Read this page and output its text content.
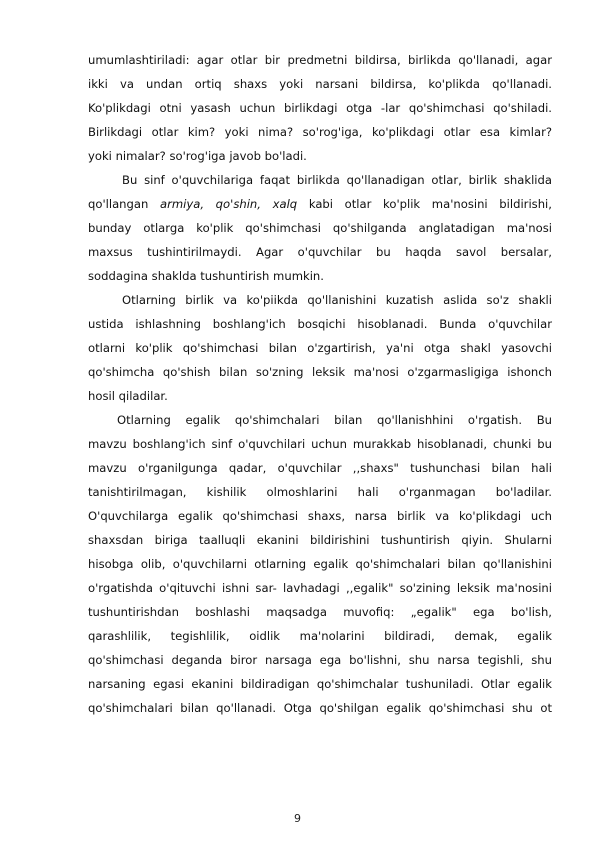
umumlashtiriladi: agar otlar bir predmetni bildirsa, birlikda qo'llanadi, agar
ikki va undan ortiq shaxs yoki narsani bildirsa, ko'plikda qo'llanadi.
Ko'plikdagi otni yasash uchun birlikdagi otga -lar qo'shimchasi qo'shiladi.
Birlikdagi otlar kim? yoki nima? so'rog'iga, ko'plikdagi otlar esa kimlar?
yoki nimalar? so'rog'iga javob bo'ladi.
Bu sinf o'quvchilariga faqat birlikda qo'llanadigan otlar, birlik shaklida
qo'llangan armiya, qo'shin, xalq kabi otlar ko'plik ma'nosini bildirishi,
bunday otlarga ko'plik qo'shimchasi qo'shilganda anglatadigan ma'nosi
maxsus tushintirilmaydi. Agar o'quvchilar bu haqda savol bersalar,
soddagina shaklda tushuntirish mumkin.
Otlarning birlik va ko'piikda qo'llanishini kuzatish aslida so'z shakli
ustida ishlashning boshlang'ich bosqichi hisoblanadi. Bunda o'quvchilar
otlarni ko'plik qo'shimchasi bilan o'zgartirish, ya'ni otga shakl yasovchi
qo'shimcha qo'shish bilan so'zning leksik ma'nosi o'zgarmasligiga ishonch
hosil qiladilar.
Otlarning egalik qo'shimchalari bilan qo'llanishhini o'rgatish. Bu
mavzu boshlang'ich sinf o'quvchilari uchun murakkab hisoblanadi, chunki bu
mavzu o'rganilgunga qadar, o'quvchilar ,,shaxs" tushunchasi bilan hali
tanishtirilmagan, kishilik olmoshlarini hali o'rganmagan bo'ladilar.
O'quvchilarga egalik qo'shimchasi shaxs, narsa birlik va ko'plikdagi uch
shaxsdan biriga taalluqli ekanini bildirishini tushuntirish qiyin. Shularni
hisobga olib, o'quvchilarni otlarning egalik qo'shimchalari bilan qo'llanishini
o'rgatishda o'qituvchi ishni sar- lavhadagi ,,egalik" so'zining leksik ma'nosini
tushuntirishdan boshlashi maqsadga muvofiq: „egalik" ega bo'lish,
qarashlilik, tegishlilik, oidlik ma'nolarini bildiradi, demak, egalik
qo'shimchasi deganda biror narsaga ega bo'lishni, shu narsa tegishli, shu
narsaning egasi ekanini bildiradigan qo'shimchalar tushuniladi. Otlar egalik
qo'shimchalari bilan qo'llanadi. Otga qo'shilgan egalik qo'shimchasi shu ot
9
